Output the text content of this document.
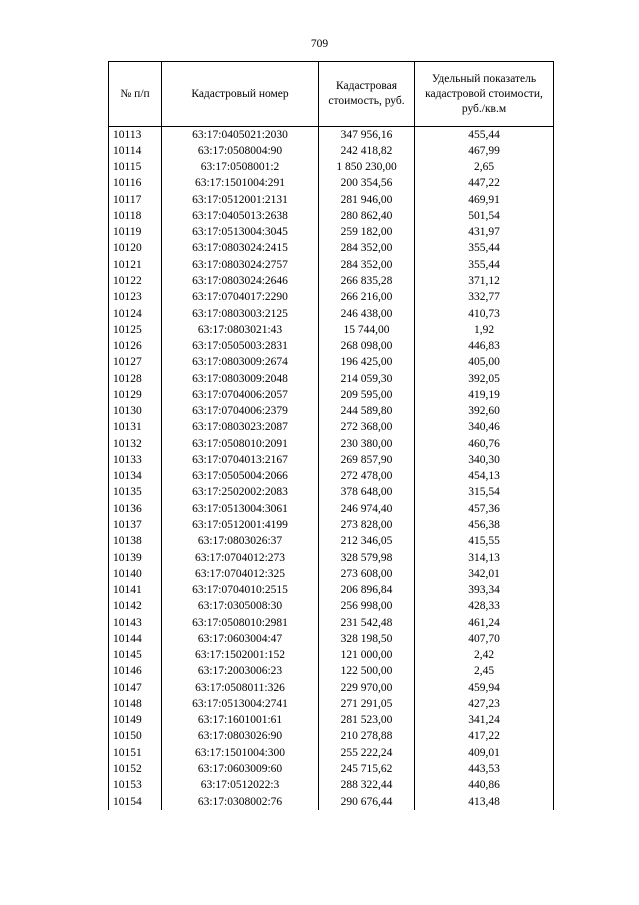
709
№ п/п	Кадастровый номер	Кадастровая стоимость, руб.	Удельный показатель кадастровой стоимости, руб./кв.м
10113	63:17:0405021:2030	347 956,16	455,44
10114	63:17:0508004:90	242 418,82	467,99
10115	63:17:0508001:2	1 850 230,00	2,65
10116	63:17:1501004:291	200 354,56	447,22
10117	63:17:0512001:2131	281 946,00	469,91
10118	63:17:0405013:2638	280 862,40	501,54
10119	63:17:0513004:3045	259 182,00	431,97
10120	63:17:0803024:2415	284 352,00	355,44
10121	63:17:0803024:2757	284 352,00	355,44
10122	63:17:0803024:2646	266 835,28	371,12
10123	63:17:0704017:2290	266 216,00	332,77
10124	63:17:0803003:2125	246 438,00	410,73
10125	63:17:0803021:43	15 744,00	1,92
10126	63:17:0505003:2831	268 098,00	446,83
10127	63:17:0803009:2674	196 425,00	405,00
10128	63:17:0803009:2048	214 059,30	392,05
10129	63:17:0704006:2057	209 595,00	419,19
10130	63:17:0704006:2379	244 589,80	392,60
10131	63:17:0803023:2087	272 368,00	340,46
10132	63:17:0508010:2091	230 380,00	460,76
10133	63:17:0704013:2167	269 857,90	340,30
10134	63:17:0505004:2066	272 478,00	454,13
10135	63:17:2502002:2083	378 648,00	315,54
10136	63:17:0513004:3061	246 974,40	457,36
10137	63:17:0512001:4199	273 828,00	456,38
10138	63:17:0803026:37	212 346,05	415,55
10139	63:17:0704012:273	328 579,98	314,13
10140	63:17:0704012:325	273 608,00	342,01
10141	63:17:0704010:2515	206 896,84	393,34
10142	63:17:0305008:30	256 998,00	428,33
10143	63:17:0508010:2981	231 542,48	461,24
10144	63:17:0603004:47	328 198,50	407,70
10145	63:17:1502001:152	121 000,00	2,42
10146	63:17:2003006:23	122 500,00	2,45
10147	63:17:0508011:326	229 970,00	459,94
10148	63:17:0513004:2741	271 291,05	427,23
10149	63:17:1601001:61	281 523,00	341,24
10150	63:17:0803026:90	210 278,88	417,22
10151	63:17:1501004:300	255 222,24	409,01
10152	63:17:0603009:60	245 715,62	443,53
10153	63:17:0512022:3	288 322,44	440,86
10154	63:17:0308002:76	290 676,44	413,48
